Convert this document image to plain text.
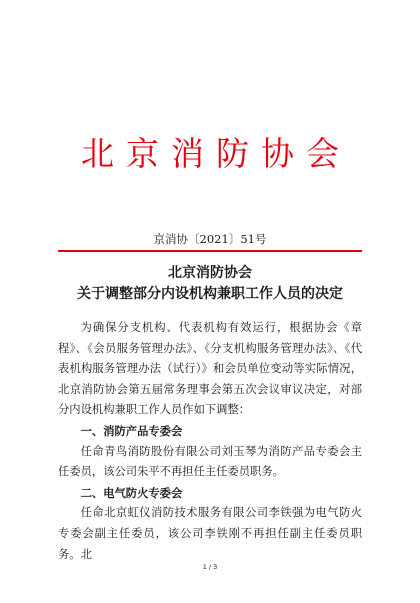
北京消防协会
京消协〔2021〕51号
北京消防协会
关于调整部分内设机构兼职工作人员的决定

为确保分支机构、代表机构有效运行，根据协会《章程》、《会员服务管理办法》、《分支机构服务管理办法》、《代表机构服务管理办法（试行）》和会员单位变动等实际情况，北京消防协会第五届常务理事会第五次会议审议决定，对部分内设机构兼职工作人员作如下调整：

一、消防产品专委会

任命青鸟消防股份有限公司刘玉琴为消防产品专委会主任委员，该公司朱平不再担任主任委员职务。

二、电气防火专委会

任命北京虹仪消防技术服务有限公司李铁强为电气防火专委会副主任委员，该公司李铁刚不再担任副主任委员职务。北

1 / 3
